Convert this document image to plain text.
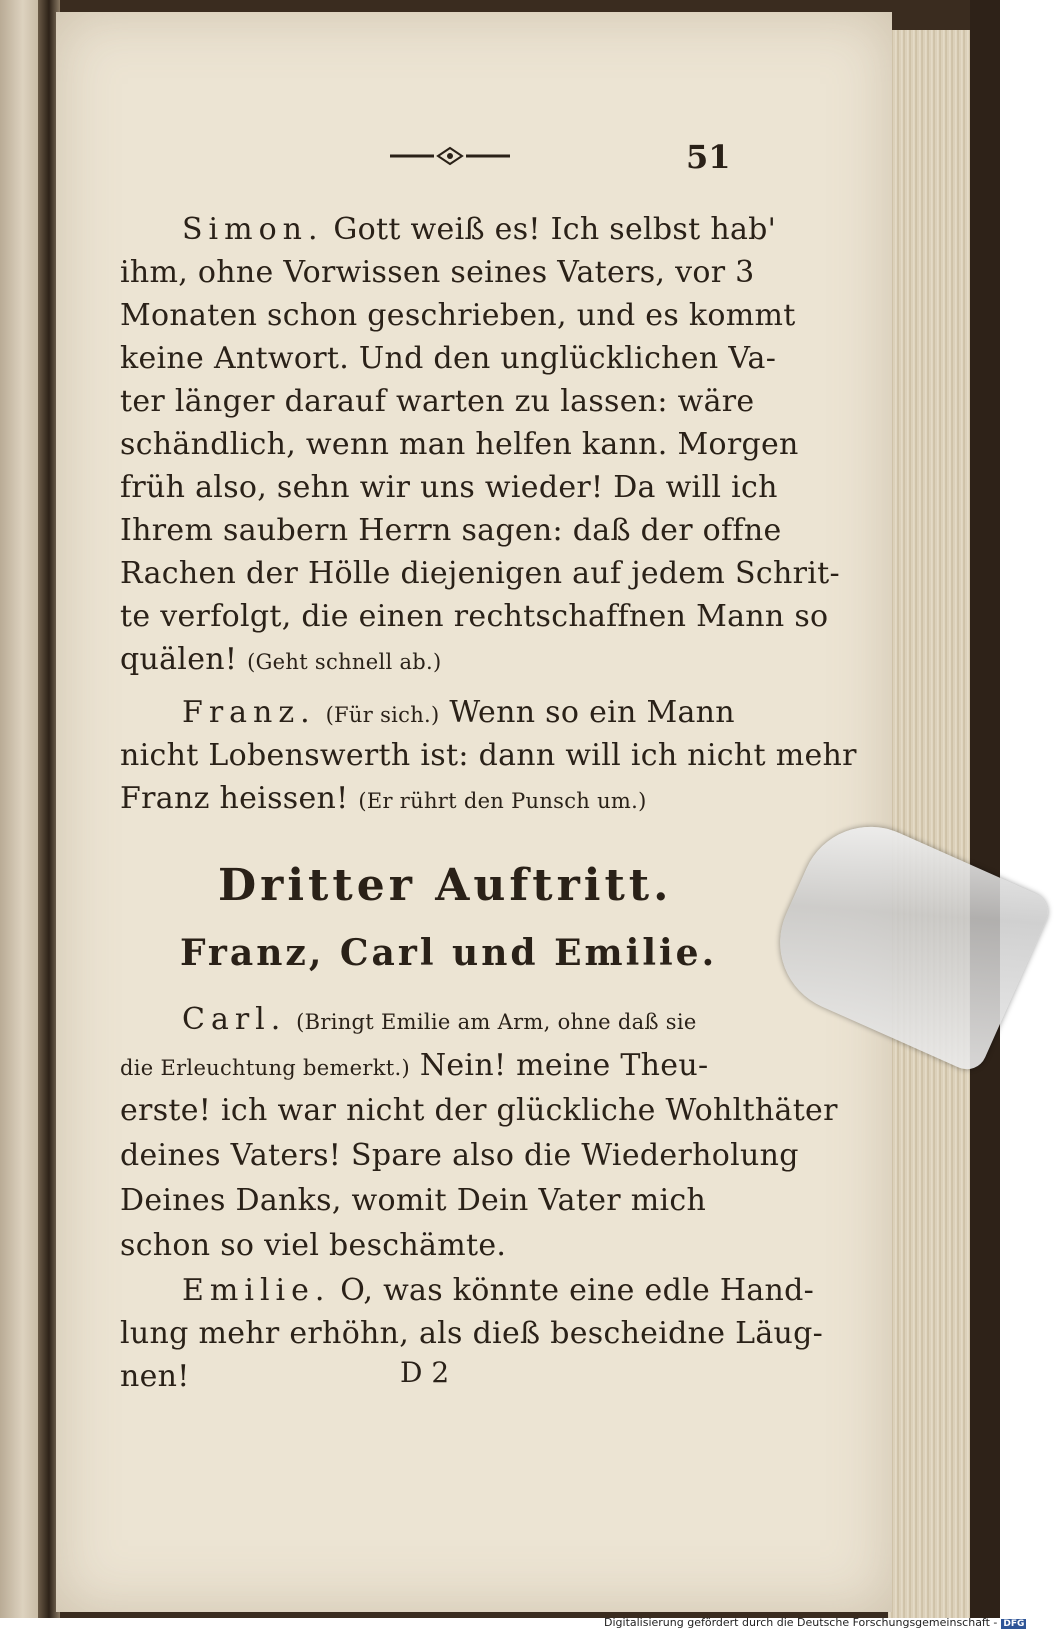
51
Simon. Gott weiß es! Ich selbst hab'
ihm, ohne Vorwissen seines Vaters, vor 3
Monaten schon geschrieben, und es kommt
keine Antwort. Und den unglücklichen Va-
ter länger darauf warten zu lassen: wäre
schändlich, wenn man helfen kann. Morgen
früh also, sehn wir uns wieder! Da will ich
Ihrem saubern Herrn sagen: daß der offne
Rachen der Hölle diejenigen auf jedem Schrit-
te verfolgt, die einen rechtschaffnen Mann so
quälen! (Geht schnell ab.)
Franz. (Für sich.) Wenn so ein Mann
nicht Lobenswerth ist: dann will ich nicht mehr
Franz heissen! (Er rührt den Punsch um.)
Dritter Auftritt.
Franz, Carl und Emilie.
Carl. (Bringt Emilie am Arm, ohne daß sie
die Erleuchtung bemerkt.) Nein! meine Theu-
erste! ich war nicht der glückliche Wohlthäter
deines Vaters! Spare also die Wiederholung
Deines Danks, womit Dein Vater mich
schon so viel beschämte.
Emilie. O, was könnte eine edle Hand-
lung mehr erhöhn, als dieß bescheidne Läug-
nen!	D 2
Digitalisierung gefördert durch die Deutsche Forschungsgemeinschaft - DFG
